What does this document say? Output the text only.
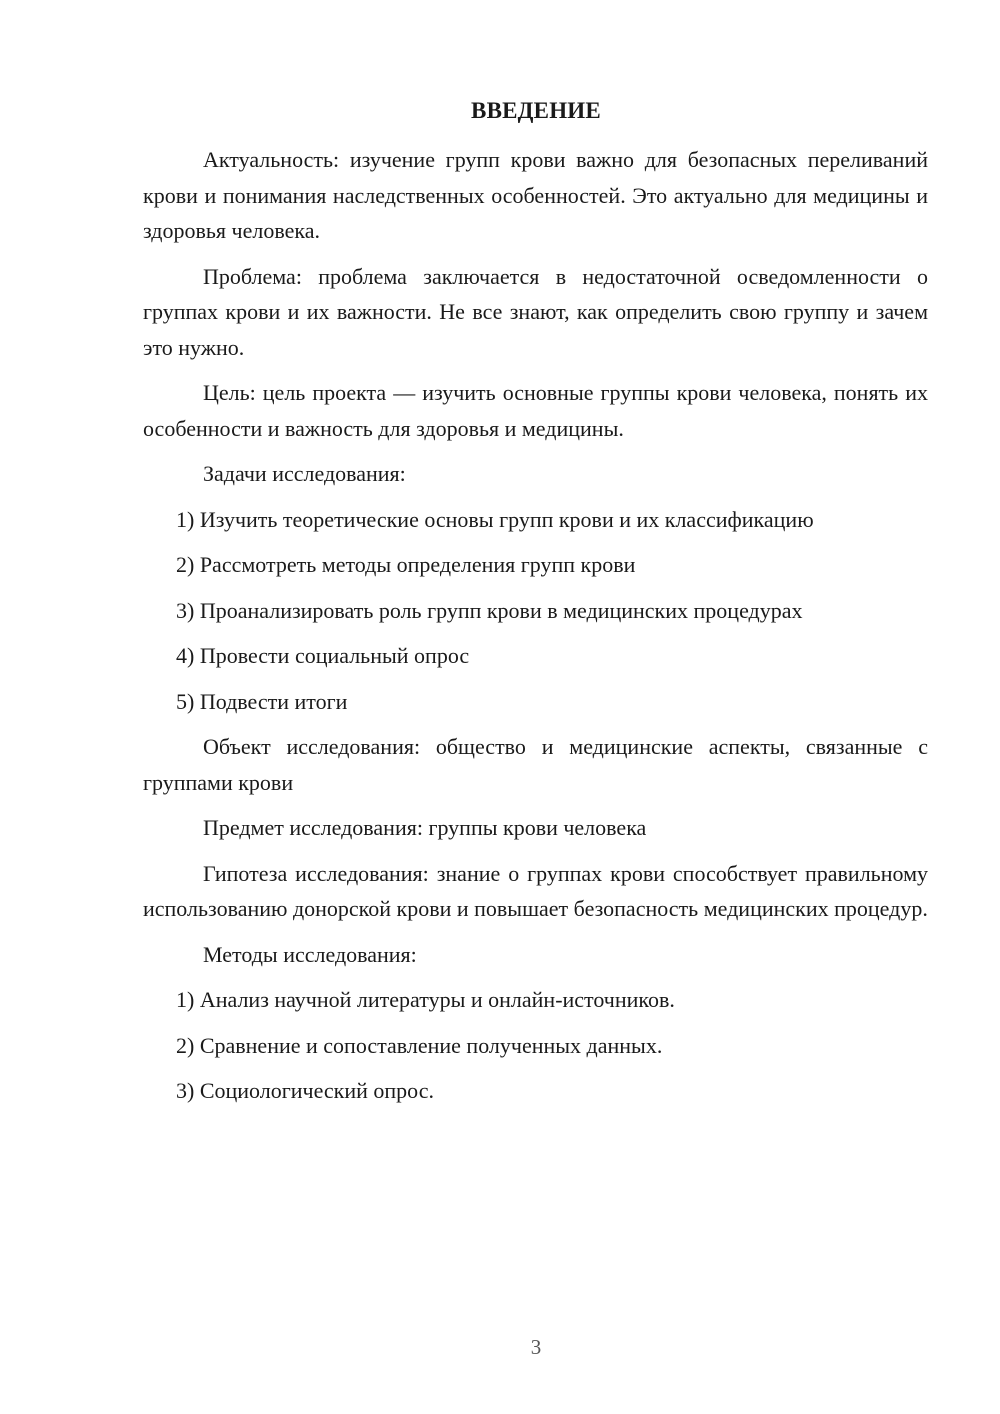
ВВЕДЕНИЕ

Актуальность: изучение групп крови важно для безопасных переливаний крови и понимания наследственных особенностей. Это актуально для медицины и здоровья человека.

Проблема: проблема заключается в недостаточной осведомленности о группах крови и их важности. Не все знают, как определить свою группу и зачем это нужно.

Цель: цель проекта — изучить основные группы крови человека, понять их особенности и важность для здоровья и медицины.

Задачи исследования:

1) Изучить теоретические основы групп крови и их классификацию

2) Рассмотреть методы определения групп крови

3) Проанализировать роль групп крови в медицинских процедурах

4) Провести социальный опрос

5) Подвести итоги

Объект исследования: общество и медицинские аспекты, связанные с группами крови

Предмет исследования: группы крови человека

Гипотеза исследования: знание о группах крови способствует правильному использованию донорской крови и повышает безопасность медицинских процедур.

Методы исследования:

1) Анализ научной литературы и онлайн-источников.

2) Сравнение и сопоставление полученных данных.

3) Социологический опрос.

3
